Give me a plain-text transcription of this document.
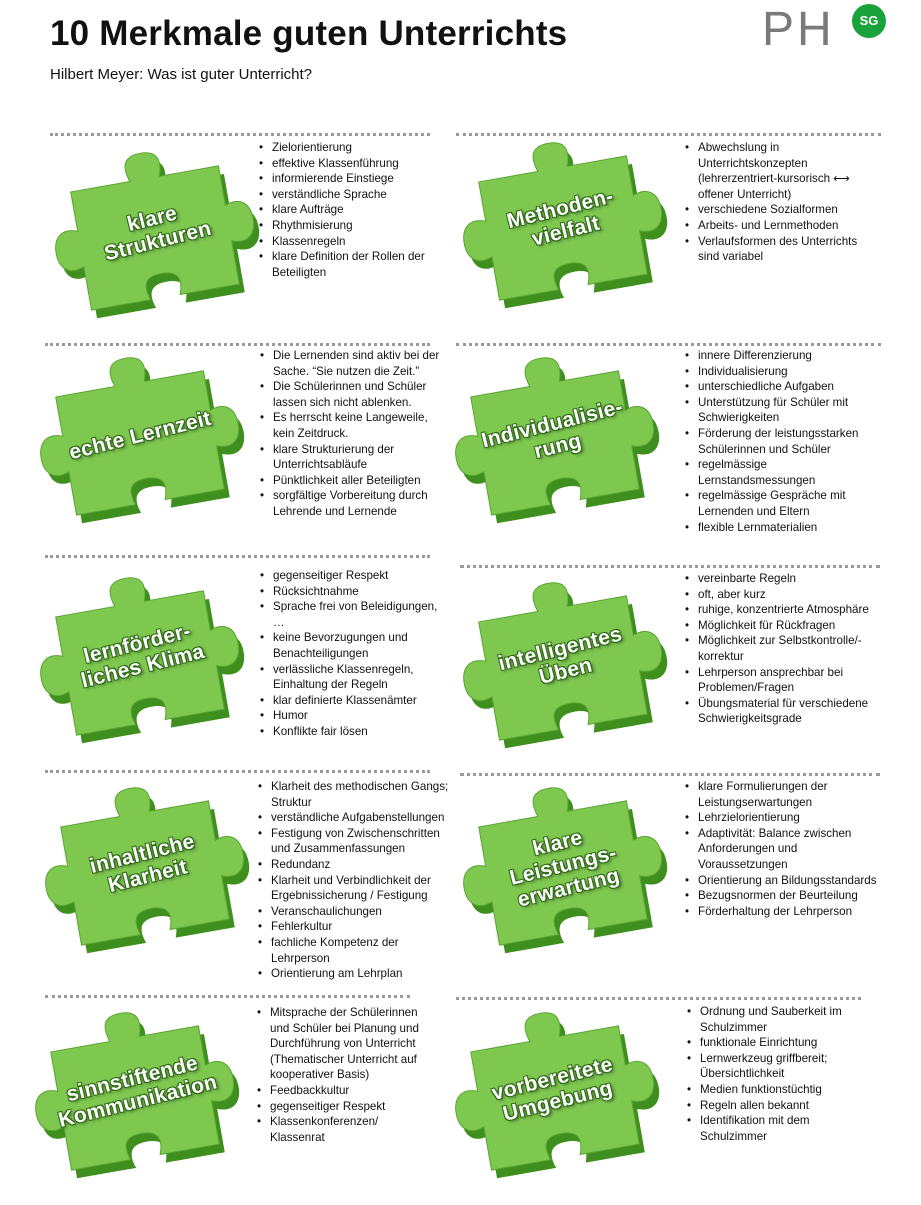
10 Merkmale guten Unterrichts

Hilbert Meyer: Was ist guter Unterricht?

PH	SG
klare
Strukturen
• Zielorientierung
• effektive Klassenführung
• informierende Einstiege
• verständliche Sprache
• klare Aufträge
• Rhythmisierung
• Klassenregeln
• klare Definition der Rollen der Beteiligten
Methoden-
vielfalt
• Abwechslung in Unterrichtskonzepten (lehrerzentriert-kursorisch ⟷ offener Unterricht)
• verschiedene Sozialformen
• Arbeits- und Lernmethoden
• Verlaufsformen des Unterrichts sind variabel
echte Lernzeit
• Die Lernenden sind aktiv bei der Sache. “Sie nutzen die Zeit.”
• Die Schülerinnen und Schüler lassen sich nicht ablenken.
• Es herrscht keine Langeweile, kein Zeitdruck.
• klare Strukturierung der Unterrichtsabläufe
• Pünktlichkeit aller Beteiligten
• sorgfältige Vorbereitung durch Lehrende und Lernende
Individualisie-
rung
• innere Differenzierung
• Individualisierung
• unterschiedliche Aufgaben
• Unterstützung für Schüler mit Schwierigkeiten
• Förderung der leistungsstarken Schülerinnen und Schüler
• regelmässige Lernstandsmessungen
• regelmässige Gespräche mit Lernenden und Eltern
• flexible Lernmaterialien
lernförder-
liches Klima
• gegenseitiger Respekt
• Rücksichtnahme
• Sprache frei von Beleidigungen, …
• keine Bevorzugungen und Benachteiligungen
• verlässliche Klassenregeln, Einhaltung der Regeln
• klar definierte Klassenämter
• Humor
• Konflikte fair lösen
intelligentes
Üben
• vereinbarte Regeln
• oft, aber kurz
• ruhige, konzentrierte Atmosphäre
• Möglichkeit für Rückfragen
• Möglichkeit zur Selbstkontrolle/-korrektur
• Lehrperson ansprechbar bei Problemen/Fragen
• Übungsmaterial für verschiedene Schwierigkeitsgrade
inhaltliche
Klarheit
• Klarheit des methodischen Gangs; Struktur
• verständliche Aufgabenstellungen
• Festigung von Zwischenschritten und Zusammenfassungen
• Redundanz
• Klarheit und Verbindlichkeit der Ergebnissicherung / Festigung
• Veranschaulichungen
• Fehlerkultur
• fachliche Kompetenz der Lehrperson
• Orientierung am Lehrplan
klare
Leistungs-
erwartung
• klare Formulierungen der Leistungserwartungen
• Lehrzielorientierung
• Adaptivität: Balance zwischen Anforderungen und Voraussetzungen
• Orientierung an Bildungsstandards
• Bezugsnormen der Beurteilung
• Förderhaltung der Lehrperson
sinnstiftende
Kommunikation
• Mitsprache der Schülerinnen und Schüler bei Planung und Durchführung von Unterricht (Thematischer Unterricht auf kooperativer Basis)
• Feedbackkultur
• gegenseitiger Respekt
• Klassenkonferenzen/ Klassenrat
vorbereitete
Umgebung
• Ordnung und Sauberkeit im Schulzimmer
• funktionale Einrichtung
• Lernwerkzeug griffbereit; Übersichtlichkeit
• Medien funktionstüchtig
• Regeln allen bekannt
• Identifikation mit dem Schulzimmer
